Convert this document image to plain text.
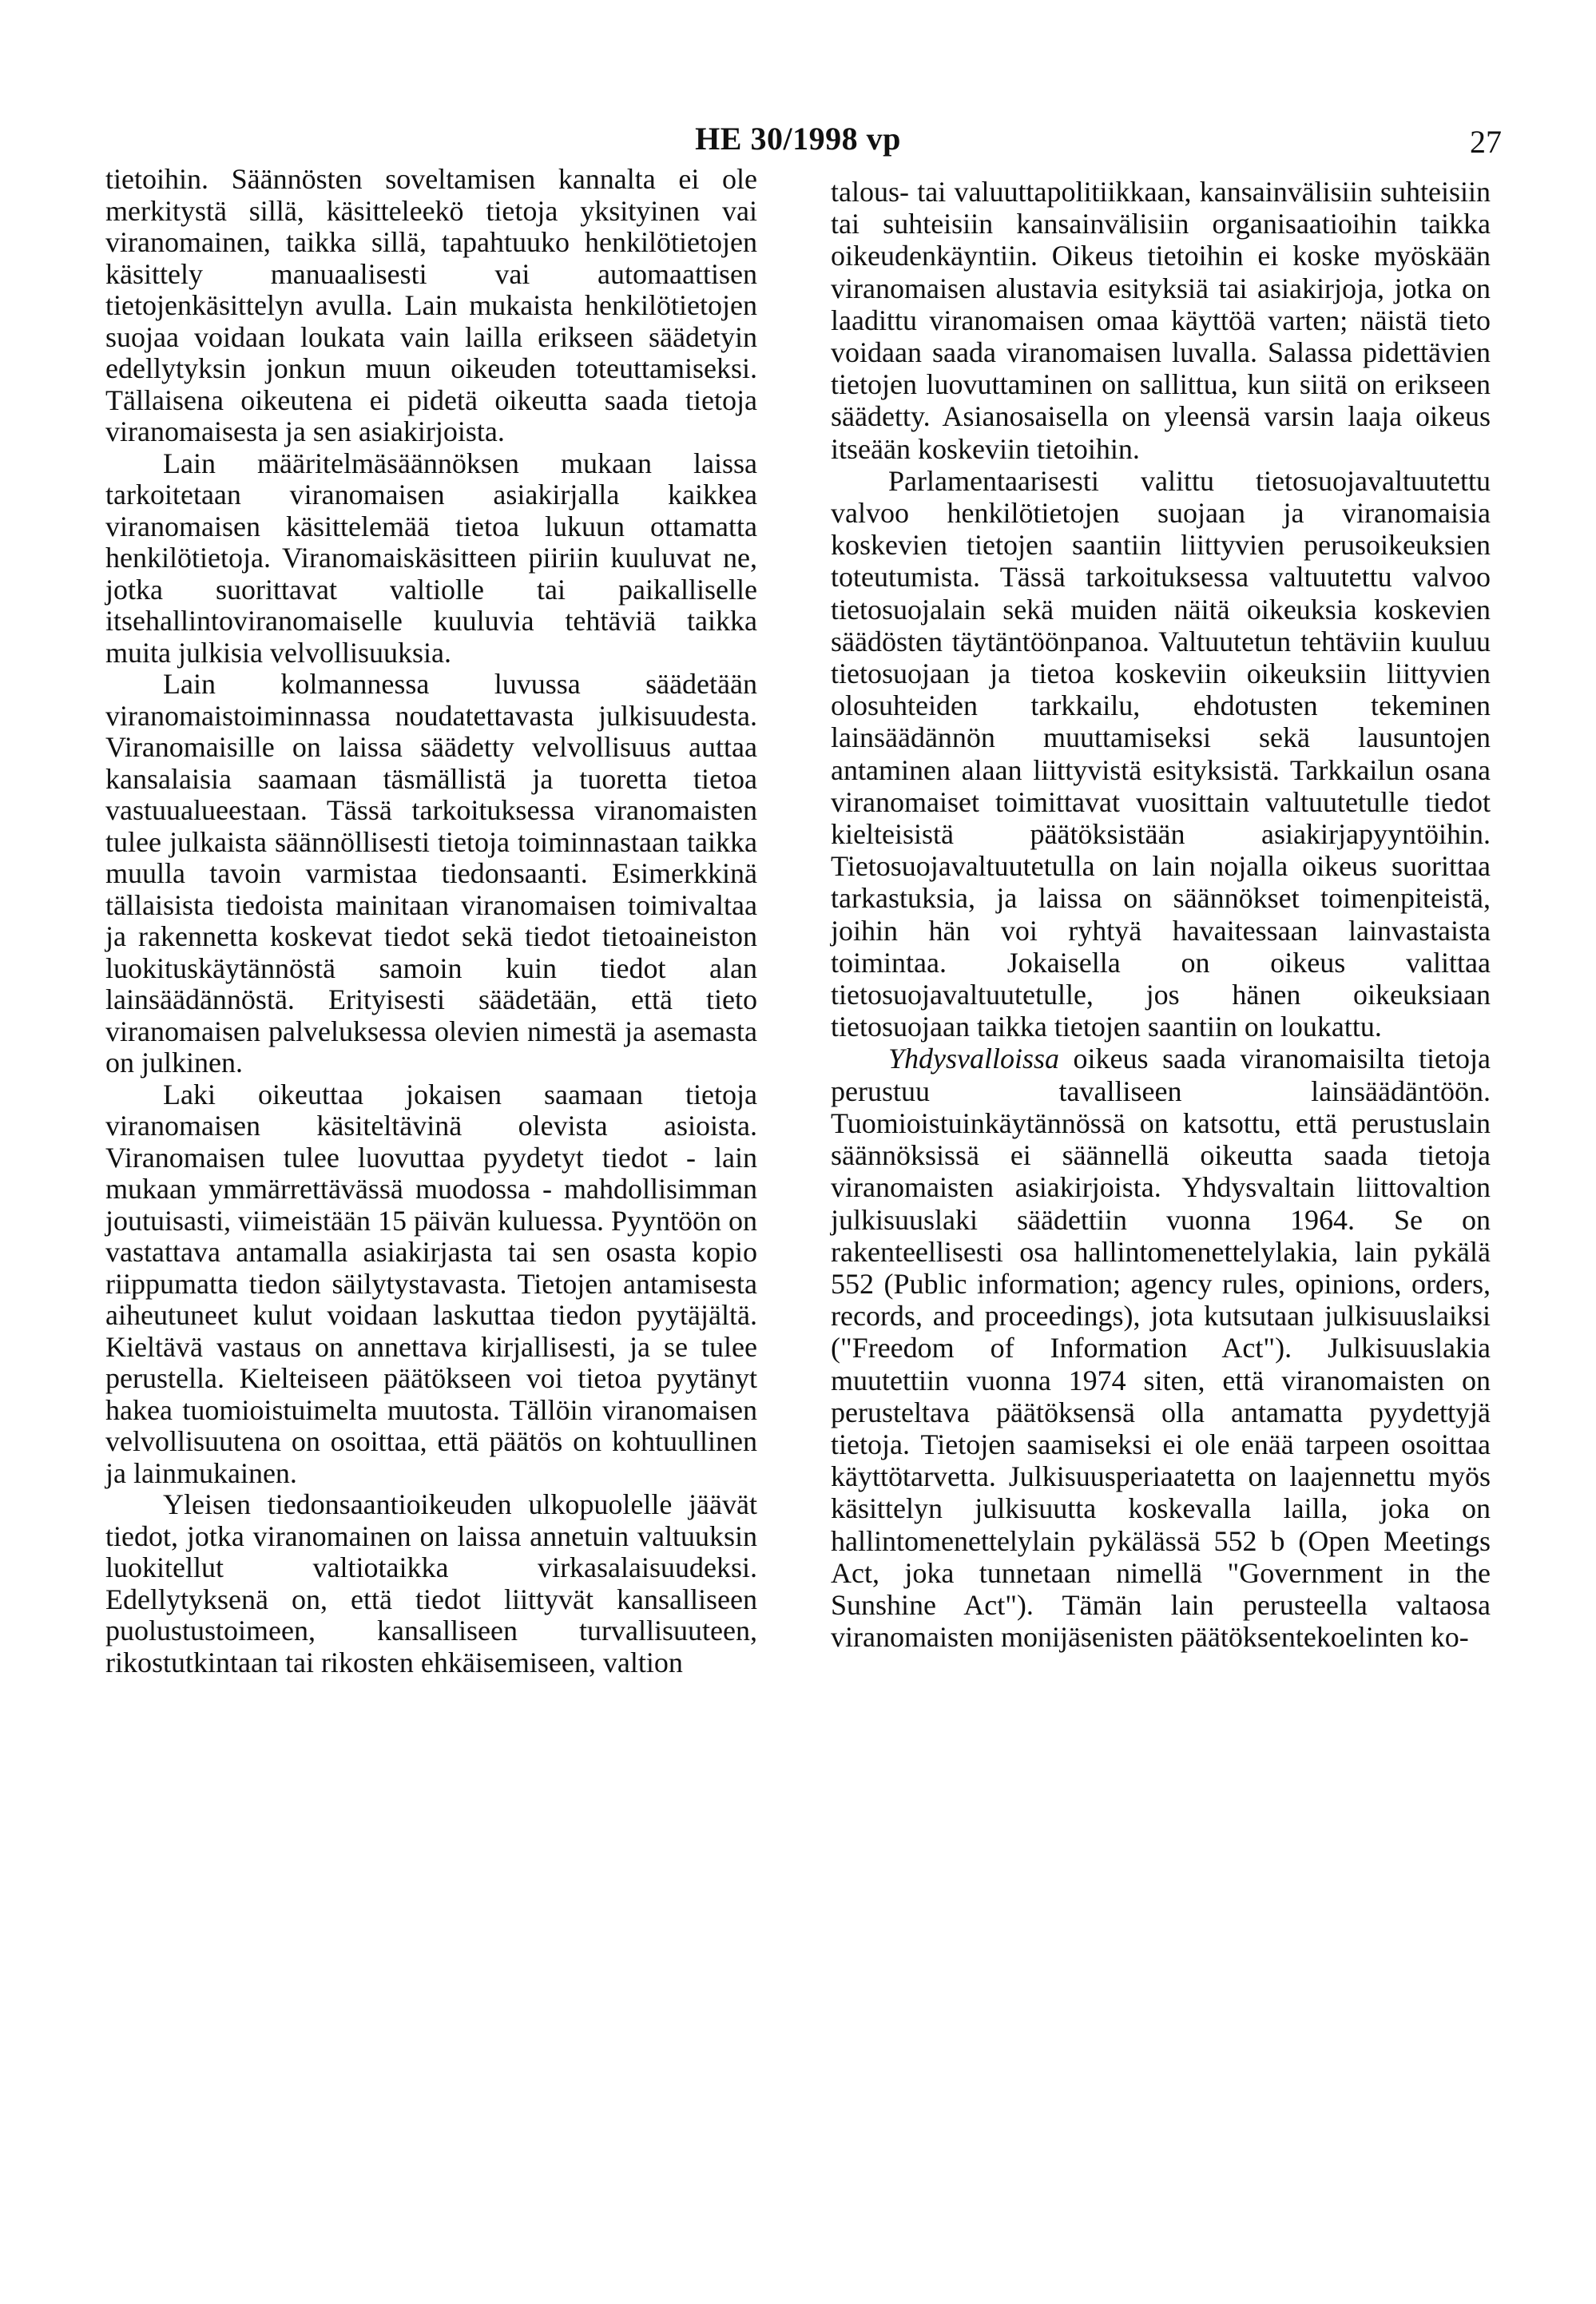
HE 30/1998 vp	27

tietoihin. Säännösten soveltamisen kannalta ei ole merkitystä sillä, käsitteleekö tietoja yksityinen vai viranomainen, taikka sillä, tapahtuuko henkilötietojen käsittely manuaalisesti vai automaattisen tietojenkäsittelyn avulla. Lain mukaista henkilötietojen suojaa voidaan loukata vain lailla erikseen säädetyin edellytyksin jonkun muun oikeuden toteuttamiseksi. Tällaisena oikeutena ei pidetä oikeutta saada tietoja viranomaisesta ja sen asiakirjoista.

Lain määritelmäsäännöksen mukaan laissa tarkoitetaan viranomaisen asiakirjalla kaikkea viranomaisen käsittelemää tietoa lukuun ottamatta henkilötietoja. Viranomaiskäsitteen piiriin kuuluvat ne, jotka suorittavat valtiolle tai paikalliselle itsehallintoviranomaiselle kuuluvia tehtäviä taikka muita julkisia velvollisuuksia.

Lain kolmannessa luvussa säädetään viranomaistoiminnassa noudatettavasta julkisuudesta. Viranomaisille on laissa säädetty velvollisuus auttaa kansalaisia saamaan täsmällistä ja tuoretta tietoa vastuualueestaan. Tässä tarkoituksessa viranomaisten tulee julkaista säännöllisesti tietoja toiminnastaan taikka muulla tavoin varmistaa tiedonsaanti. Esimerkkinä tällaisista tiedoista mainitaan viranomaisen toimivaltaa ja rakennetta koskevat tiedot sekä tiedot tietoaineiston luokituskäytännöstä samoin kuin tiedot alan lainsäädännöstä. Erityisesti säädetään, että tieto viranomaisen palveluksessa olevien nimestä ja asemasta on julkinen.

Laki oikeuttaa jokaisen saamaan tietoja viranomaisen käsiteltävinä olevista asioista. Viranomaisen tulee luovuttaa pyydetyt tiedot - lain mukaan ymmärrettävässä muodossa - mahdollisimman joutuisasti, viimeistään 15 päivän kuluessa. Pyyntöön on vastattava antamalla asiakirjasta tai sen osasta kopio riippumatta tiedon säilytystavasta. Tietojen antamisesta aiheutuneet kulut voidaan laskuttaa tiedon pyytäjältä. Kieltävä vastaus on annettava kirjallisesti, ja se tulee perustella. Kielteiseen päätökseen voi tietoa pyytänyt hakea tuomioistuimelta muutosta. Tällöin viranomaisen velvollisuutena on osoittaa, että päätös on kohtuullinen ja lainmukainen.

Yleisen tiedonsaantioikeuden ulkopuolelle jäävät tiedot, jotka viranomainen on laissa annetuin valtuuksin luokitellut valtiotaikka virkasalaisuudeksi. Edellytyksenä on, että tiedot liittyvät kansalliseen puolustustoimeen, kansalliseen turvallisuuteen, rikostutkintaan tai rikosten ehkäisemiseen, valtion

talous- tai valuuttapolitiikkaan, kansainvälisiin suhteisiin tai suhteisiin kansainvälisiin organisaatioihin taikka oikeudenkäyntiin. Oikeus tietoihin ei koske myöskään viranomaisen alustavia esityksiä tai asiakirjoja, jotka on laadittu viranomaisen omaa käyttöä varten; näistä tieto voidaan saada viranomaisen luvalla. Salassa pidettävien tietojen luovuttaminen on sallittua, kun siitä on erikseen säädetty. Asianosaisella on yleensä varsin laaja oikeus itseään koskeviin tietoihin.

Parlamentaarisesti valittu tietosuojavaltuutettu valvoo henkilötietojen suojaan ja viranomaisia koskevien tietojen saantiin liittyvien perusoikeuksien toteutumista. Tässä tarkoituksessa valtuutettu valvoo tietosuojalain sekä muiden näitä oikeuksia koskevien säädösten täytäntöönpanoa. Valtuutetun tehtäviin kuuluu tietosuojaan ja tietoa koskeviin oikeuksiin liittyvien olosuhteiden tarkkailu, ehdotusten tekeminen lainsäädännön muuttamiseksi sekä lausuntojen antaminen alaan liittyvistä esityksistä. Tarkkailun osana viranomaiset toimittavat vuosittain valtuutetulle tiedot kielteisistä päätöksistään asiakirjapyyntöihin. Tietosuojavaltuutetulla on lain nojalla oikeus suorittaa tarkastuksia, ja laissa on säännökset toimenpiteistä, joihin hän voi ryhtyä havaitessaan lainvastaista toimintaa. Jokaisella on oikeus valittaa tietosuojavaltuutetulle, jos hänen oikeuksiaan tietosuojaan taikka tietojen saantiin on loukattu.

Yhdysvalloissa oikeus saada viranomaisilta tietoja perustuu tavalliseen lainsäädäntöön. Tuomioistuinkäytännössä on katsottu, että perustuslain säännöksissä ei säännellä oikeutta saada tietoja viranomaisten asiakirjoista. Yhdysvaltain liittovaltion julkisuuslaki säädettiin vuonna 1964. Se on rakenteellisesti osa hallintomenettelylakia, lain pykälä 552 (Public information; agency rules, opinions, orders, records, and proceedings), jota kutsutaan julkisuuslaiksi ("Freedom of Information Act"). Julkisuuslakia muutettiin vuonna 1974 siten, että viranomaisten on perusteltava päätöksensä olla antamatta pyydettyjä tietoja. Tietojen saamiseksi ei ole enää tarpeen osoittaa käyttötarvetta. Julkisuusperiaatetta on laajennettu myös käsittelyn julkisuutta koskevalla lailla, joka on hallintomenettelylain pykälässä 552 b (Open Meetings Act, joka tunnetaan nimellä "Government in the Sunshine Act"). Tämän lain perusteella valtaosa viranomaisten monijäsenisten päätöksentekoelinten ko-
